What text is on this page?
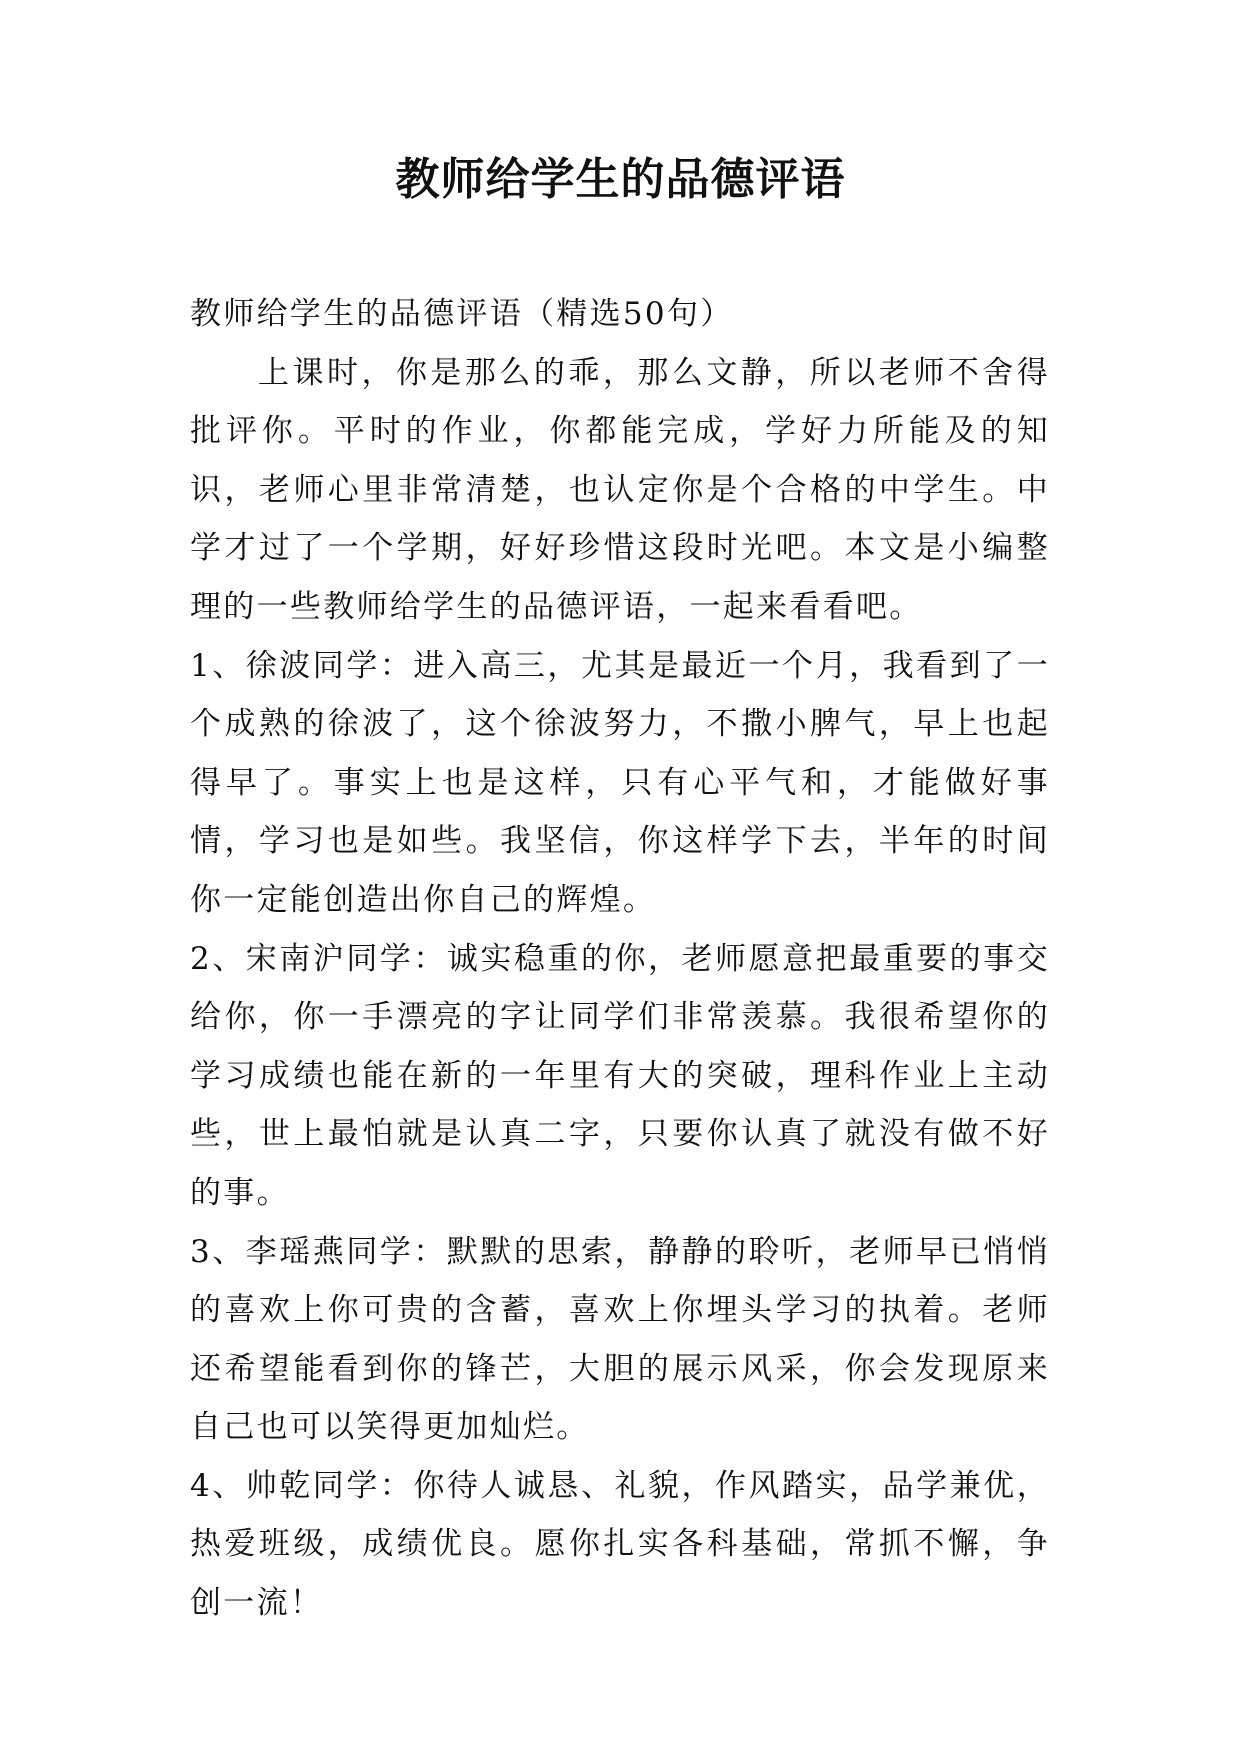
教师给学生的品德评语

教师给学生的品德评语（精选50句）

上课时，你是那么的乖，那么文静，所以老师不舍得批评你。平时的作业，你都能完成，学好力所能及的知识，老师心里非常清楚，也认定你是个合格的中学生。中学才过了一个学期，好好珍惜这段时光吧。本文是小编整理的一些教师给学生的品德评语，一起来看看吧。

1、徐波同学：进入高三，尤其是最近一个月，我看到了一个成熟的徐波了，这个徐波努力，不撒小脾气，早上也起得早了。事实上也是这样，只有心平气和，才能做好事情，学习也是如些。我坚信，你这样学下去，半年的时间你一定能创造出你自己的辉煌。

2、宋南沪同学：诚实稳重的你，老师愿意把最重要的事交给你，你一手漂亮的字让同学们非常羡慕。我很希望你的学习成绩也能在新的一年里有大的突破，理科作业上主动些，世上最怕就是认真二字，只要你认真了就没有做不好的事。

3、李瑶燕同学：默默的思索，静静的聆听，老师早已悄悄的喜欢上你可贵的含蓄，喜欢上你埋头学习的执着。老师还希望能看到你的锋芒，大胆的展示风采，你会发现原来自己也可以笑得更加灿烂。

4、帅乾同学：你待人诚恳、礼貌，作风踏实，品学兼优，热爱班级，成绩优良。愿你扎实各科基础，常抓不懈，争创一流！
